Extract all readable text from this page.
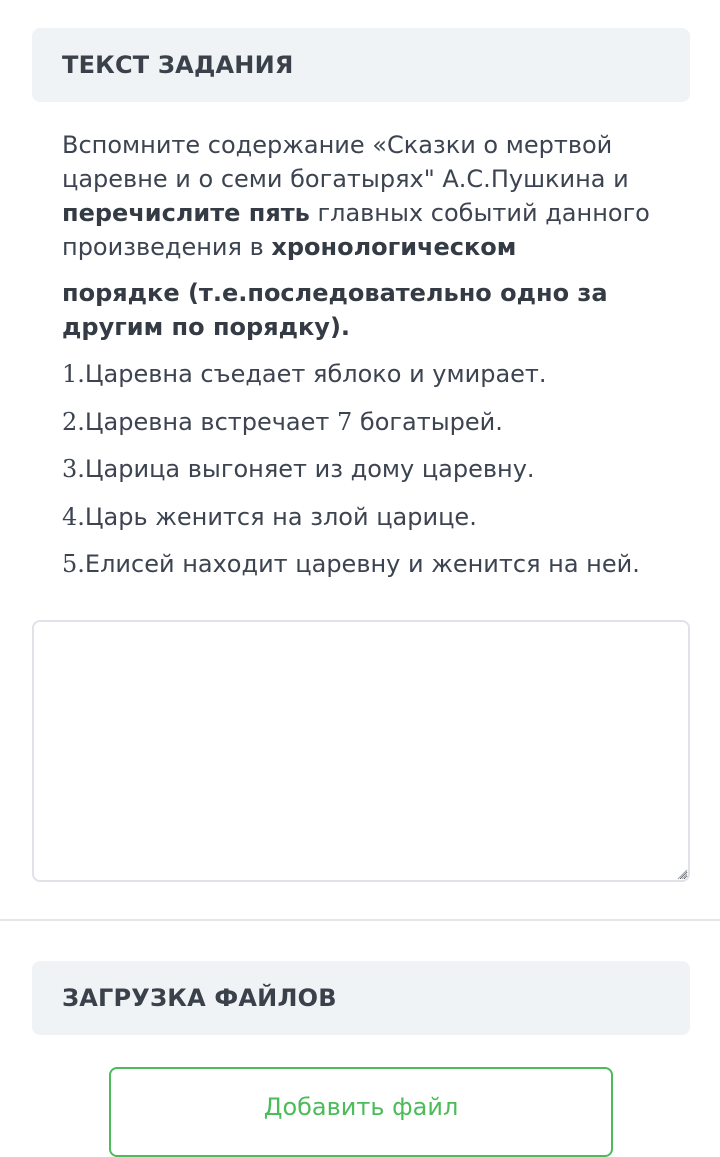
ТЕКСТ ЗАДАНИЯ

Вспомните содержание «Сказки о мертвой царевне и о семи богатырях" А.С.Пушкина и перечислите пять главных событий данного произведения в хронологическом

порядке (т.е.последовательно одно за другим по порядку).

1.Царевна съедает яблоко и умирает.
2.Царевна встречает 7 богатырей.
3.Царица выгоняет из дому царевну.
4.Царь женится на злой царице.
5.Елисей находит царевну и женится на ней.
ЗАГРУЗКА ФАЙЛОВ
Добавить файл
